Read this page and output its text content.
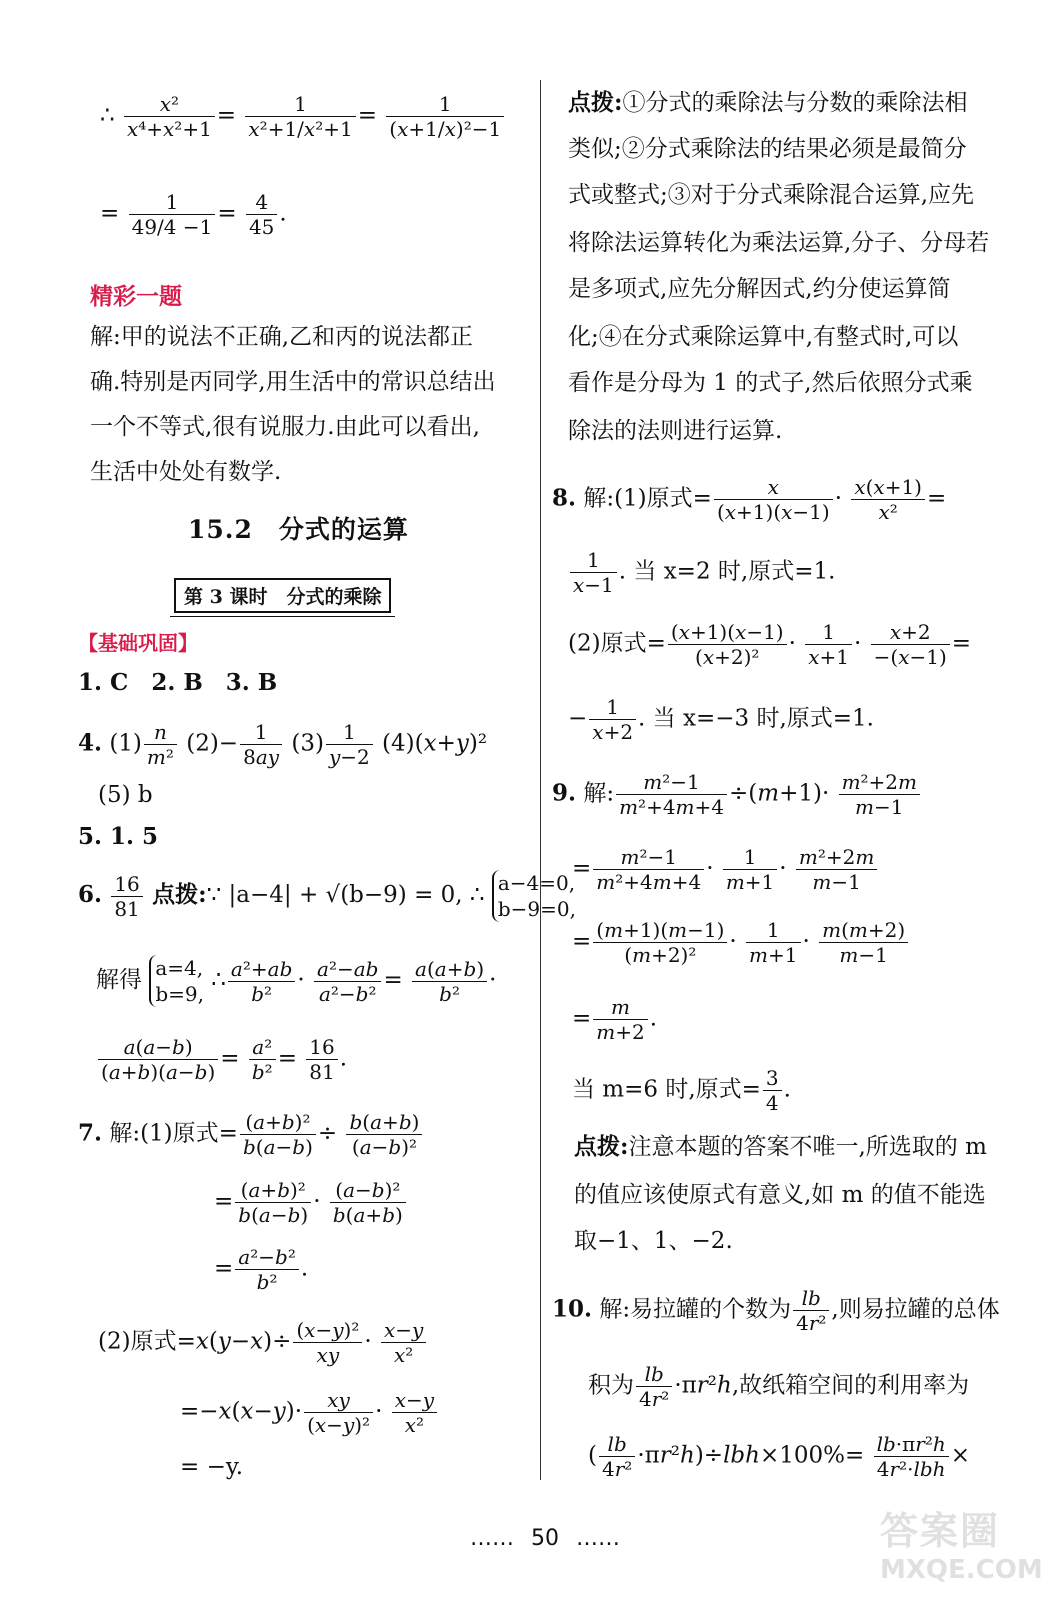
∴ $\frac{\text{x²}}{\text{x⁴+x²+1}} = \frac{1}{\text{x²+1/x²+1}} = \frac{1}{\text{(x+1/x)²−1}}$
= $\frac{1}{49/4 -1} = \frac{4}{45}$ .
精彩一题
解:甲的说法不正确,乙和丙的说法都正
确.特别是丙同学,用生活中的常识总结出
一个不等式,很有说服力.由此可以看出,
生活中处处有数学.
15.2　分式的运算
第 3 课时　分式的乘除
【基础巩固】
1. C　2. B　3. B
4. $(1) \frac{n}{\text{m²}} (2)- \frac{1}{8ay} (3) \frac{1}{y-2} (4)(x+y)^2$
(5) b
5. 1. 5
6. $\frac{16}{81}$ 点拨:∵ |a−4| + √(b−9) = 0, ∴ a−4=0,
b−9=0,
解得 a=4,
b=9,
∴ $\frac{\text{a²+ab}}{\text{b²}} \cdot \frac{\text{a²−ab}}{\text{a²−b²}} = \frac{a(a+b)}{\text{b²}}$ ·
$\frac{a(a-b)}{(a+b)(a-b)} = \frac{\text{a²}}{\text{b²}} = \frac{16}{81}$ .
7. 解:(1)原式= $\frac{\text{(a+b)²}}{b(a-b)} \div \frac{b(a+b)}{\text{(a−b)²}}$
= $\frac{\text{(a+b)²}}{b(a-b)} \cdot \frac{\text{(a−b)²}}{b(a+b)}$
= $\frac{\text{a²−b²}}{\text{b²}}$ .
(2)原式$=x(y-x)\div \frac{\text{(x−y)²}}{xy} \cdot \frac{x-y}{\text{x²}}$
$=-x(x-y)\cdot \frac{xy}{\text{(x−y)²}} \cdot \frac{x-y}{\text{x²}}$
= −y.
点拨:①分式的乘除法与分数的乘除法相
类似;②分式乘除法的结果必须是最简分
式或整式;③对于分式乘除混合运算,应先
将除法运算转化为乘法运算,分子、分母若
是多项式,应先分解因式,约分使运算简
化;④在分式乘除运算中,有整式时,可以
看作是分母为 1 的式子,然后依照分式乘
除法的法则进行运算.
8. 解:(1)原式= $\frac{x}{(x+1)(x-1)} \cdot \frac{x(x+1)}{\text{x²}}$ =
$\frac{1}{x-1}$ . 当 x=2 时,原式=1.
(2)原式= $\frac{(x+1)(x-1)}{\text{(x+2)²}} \cdot \frac{1}{x+1} \cdot \frac{x+2}{-(x-1)}$ =
− $\frac{1}{x+2}$ . 当 x=−3 时,原式=1.
9. 解: $\frac{\text{m²−1}}{\text{m²+4m+4}} \div(m+1)\cdot \frac{\text{m²+2m}}{m-1}$
= $\frac{\text{m²−1}}{\text{m²+4m+4}} \cdot \frac{1}{m+1} \cdot \frac{\text{m²+2m}}{m-1}$
= $\frac{(m+1)(m-1)}{\text{(m+2)²}} \cdot \frac{1}{m+1} \cdot \frac{m(m+2)}{m-1}$
= $\frac{m}{m+2}$ .
当 m=6 时,原式= $\frac{3}{4}$ .
点拨:注意本题的答案不唯一,所选取的 m
的值应该使原式有意义,如 m 的值不能选
取−1、1、−2.
10. 解:易拉罐的个数为 $\frac{lb}{\text{4r²}}$ ,则易拉罐的总体
积为 $\frac{lb}{\text{4r²}} \cdot\pi r^2h$,故纸箱空间的利用率为
( $\frac{lb}{\text{4r²}} \cdot\pi r^2h)\div lbh\times 100\%= lb\cdot\pi r^2h$
4r²·lbh
×
…… 50 ……	答案圈
MXQE.COM
